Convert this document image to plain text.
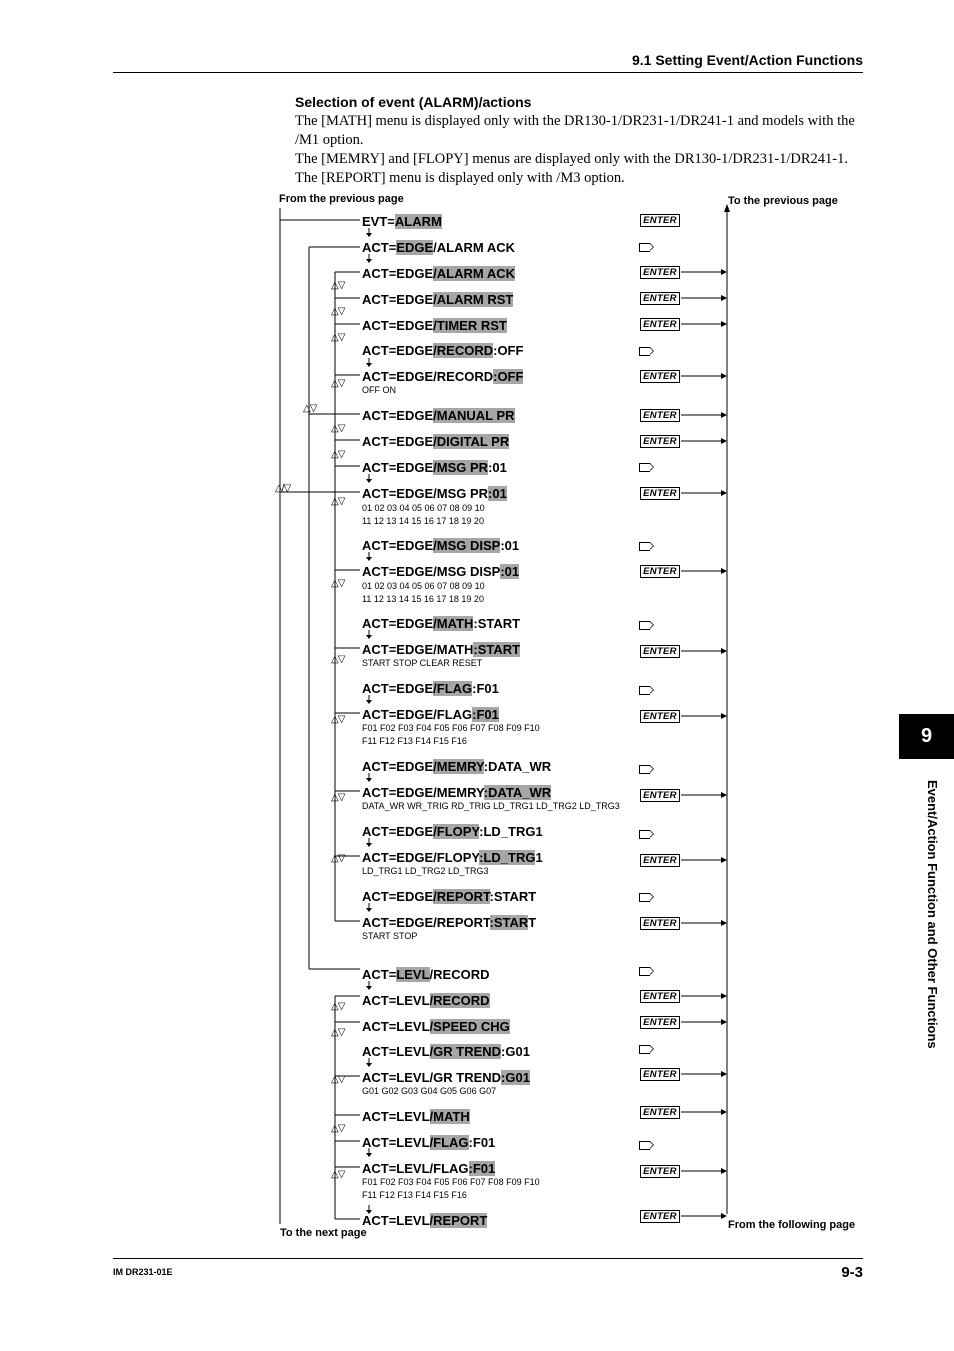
9.1 Setting Event/Action Functions
Selection of event (ALARM)/actions
The [MATH] menu is displayed only with the DR130-1/DR231-1/DR241-1 and models with the
/M1 option.
The [MEMRY] and [FLOPY] menus are displayed only with the DR130-1/DR231-1/DR241-1.
The [REPORT] menu is displayed only with /M3 option.
From the previous page	To the previous page
To the next page
From the following page
EVT=ALARM
ACT=EDGE/ALARM ACK
ACT=EDGE/ALARM ACK
ACT=EDGE/ALARM RST
ACT=EDGE/TIMER RST
ACT=EDGE/RECORD:OFF
ACT=EDGE/RECORD:OFF
ACT=EDGE/MANUAL PR
ACT=EDGE/DIGITAL PR
ACT=EDGE/MSG PR:01
ACT=EDGE/MSG PR:01
ACT=EDGE/MSG DISP:01
ACT=EDGE/MSG DISP:01
ACT=EDGE/MATH:START
ACT=EDGE/MATH:START
ACT=EDGE/FLAG:F01
ACT=EDGE/FLAG:F01
ACT=EDGE/MEMRY:DATA_WR
ACT=EDGE/MEMRY:DATA_WR
ACT=EDGE/FLOPY:LD_TRG1
ACT=EDGE/FLOPY:LD_TRG1
ACT=EDGE/REPORT:START
ACT=EDGE/REPORT:START
ACT=LEVL/RECORD
ACT=LEVL/RECORD
ACT=LEVL/SPEED CHG
ACT=LEVL/GR TREND:G01
ACT=LEVL/GR TREND:G01
ACT=LEVL/MATH
ACT=LEVL/FLAG:F01
ACT=LEVL/FLAG:F01
ACT=LEVL/REPORT
OFF ON
01 02 03 04 05 06 07 08 09 10
11 12 13 14 15 16 17 18 19 20
01 02 03 04 05 06 07 08 09 10
11 12 13 14 15 16 17 18 19 20
START STOP CLEAR RESET
F01 F02 F03 F04 F05 F06 F07 F08 F09 F10
F11 F12 F13 F14 F15 F16
DATA_WR WR_TRIG RD_TRIG LD_TRG1 LD_TRG2 LD_TRG3
LD_TRG1 LD_TRG2 LD_TRG3
START STOP
G01 G02 G03 G04 G05 G06 G07
F01 F02 F03 F04 F05 F06 F07 F08 F09 F10
F11 F12 F13 F14 F15 F16
ENTER
ENTER
ENTER
ENTER
ENTER
ENTER
ENTER
ENTER
ENTER
ENTER
ENTER
ENTER
ENTER
ENTER
ENTER
ENTER
ENTER
ENTER
ENTER
ENTER
△▽
△▽
△▽
△▽
△▽
△▽
△▽
△/▽
△▽
△▽
△▽
△▽
△▽
△▽
△▽
△▽
△▽
△▽
△▽
9
Event/Action Function and Other Functions
IM DR231-01E	9-3
